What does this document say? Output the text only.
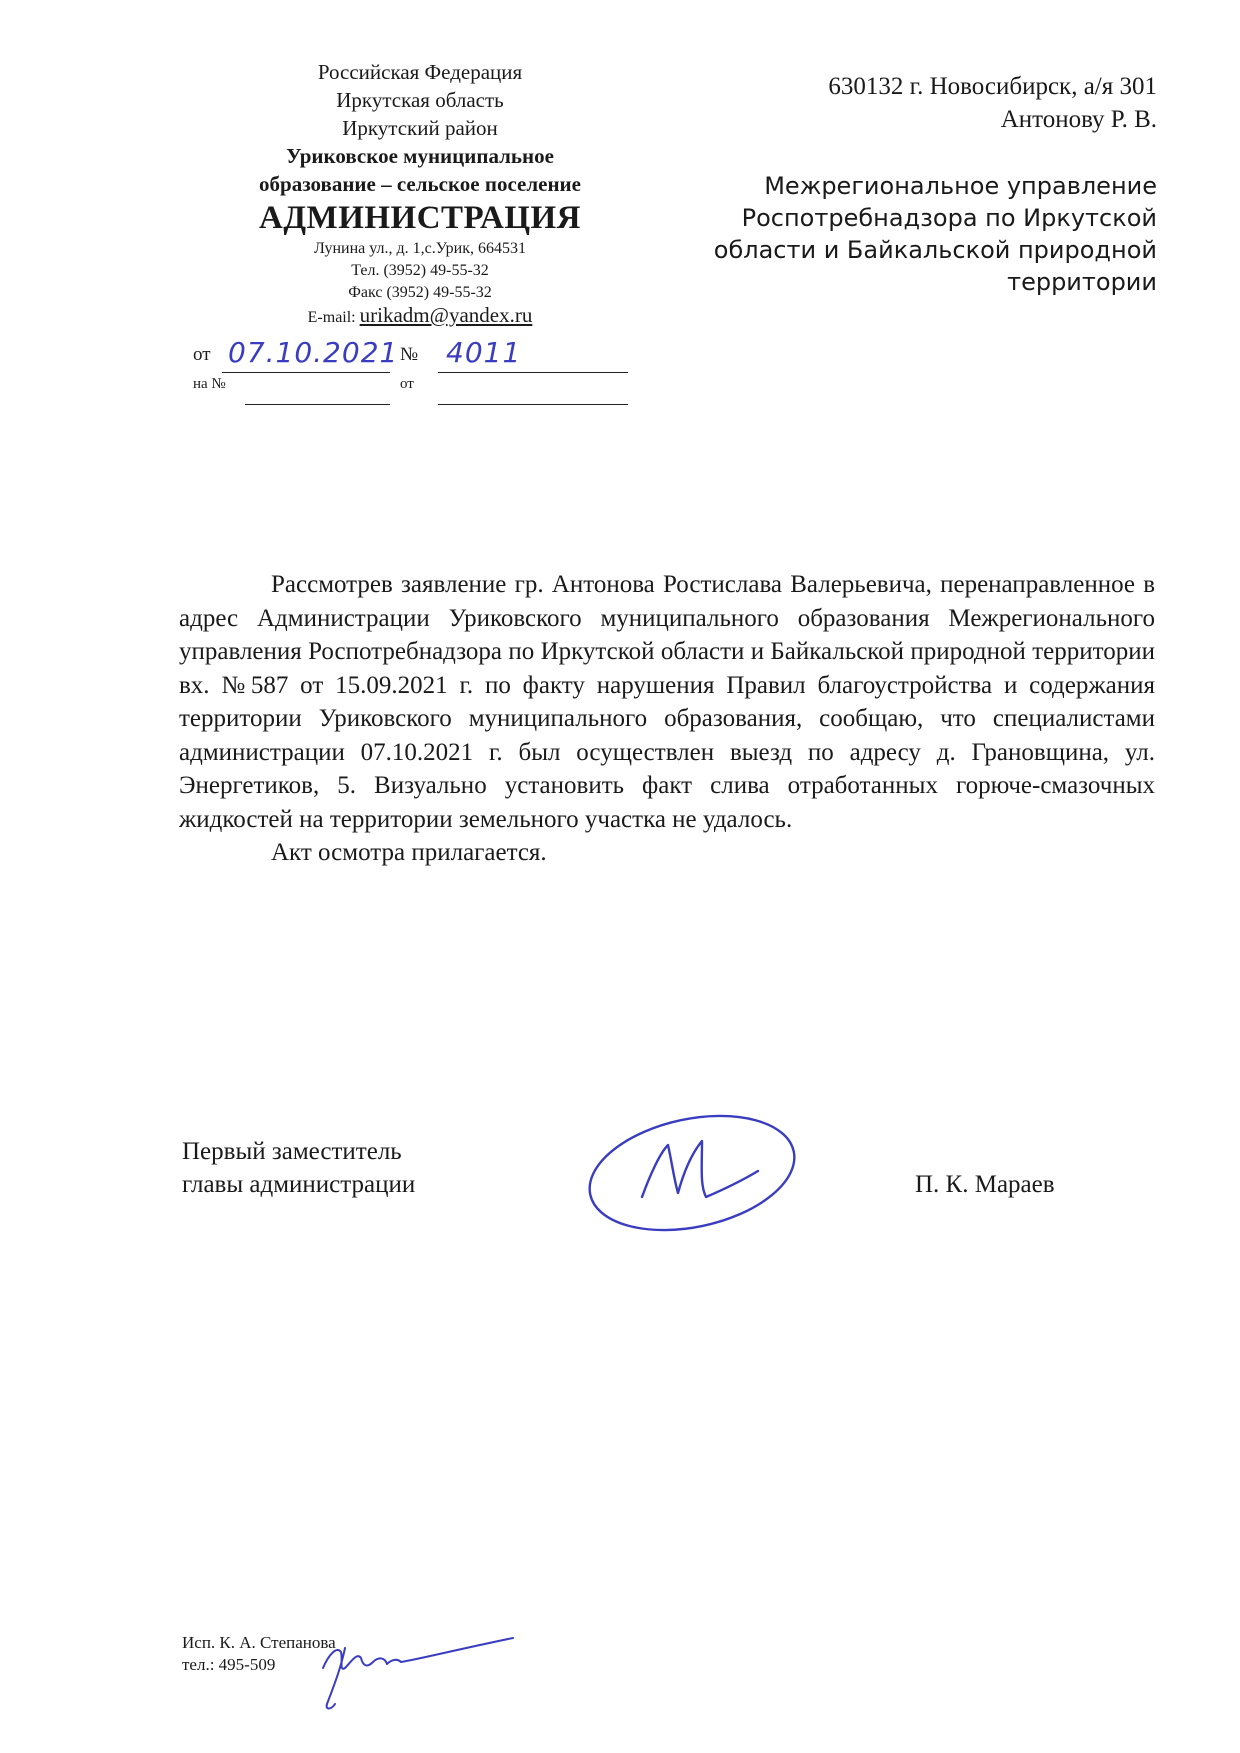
Российская Федерация
Иркутская область
Иркутский район
Уриковское муниципальное
образование – сельское поселение
АДМИНИСТРАЦИЯ
Лунина ул., д. 1,с.Урик, 664531
Тел. (3952) 49-55-32
Факс (3952) 49-55-32
E-mail: urikadm@yandex.ru
от 07.10.2021 № 4011
на №	от
630132 г. Новосибирск, а/я 301
Антонову Р. В.
Межрегиональное управление
Роспотребнадзора по Иркутской
области и Байкальской природной
территории

Рассмотрев заявление гр. Антонова Ростислава Валерьевича, перенаправленное в адрес Администрации Уриковского муниципального образования Межрегионального управления Роспотребнадзора по Иркутской области и Байкальской природной территории вх. №587 от 15.09.2021 г. по факту нарушения Правил благоустройства и содержания территории Уриковского муниципального образования, сообщаю, что специалистами администрации 07.10.2021 г. был осуществлен выезд по адресу д. Грановщина, ул. Энергетиков, 5. Визуально установить факт слива отработанных горюче-смазочных жидкостей на территории земельного участка не удалось.

Акт осмотра прилагается.

Первый заместитель
главы администрации	П. К. Мараев
Исп. К. А. Степанова
тел.: 495-509
